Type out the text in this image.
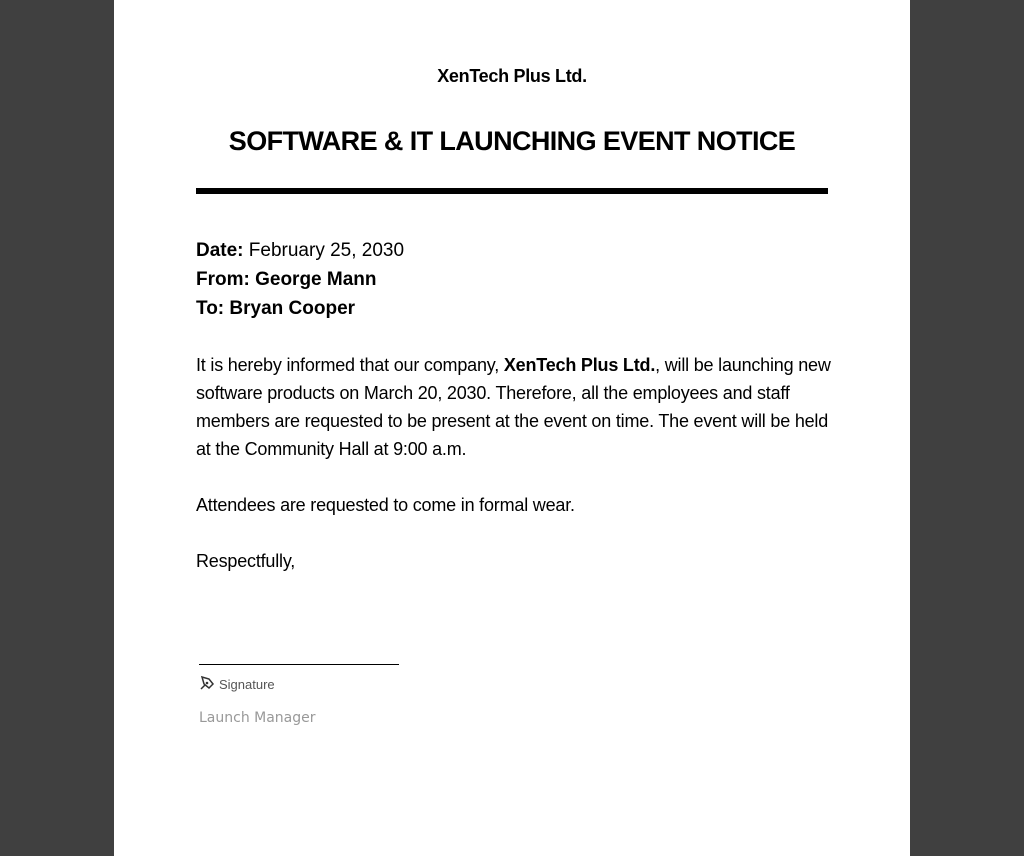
XenTech Plus Ltd.
SOFTWARE & IT LAUNCHING EVENT NOTICE
Date: February 25, 2030
From: George Mann
To: Bryan Cooper

It is hereby informed that our company, XenTech Plus Ltd., will be launching new software products on March 20, 2030. Therefore, all the employees and staff members are requested to be present at the event on time. The event will be held at the Community Hall at 9:00 a.m.

Attendees are requested to come in formal wear.

Respectfully,

Signature
Launch Manager
